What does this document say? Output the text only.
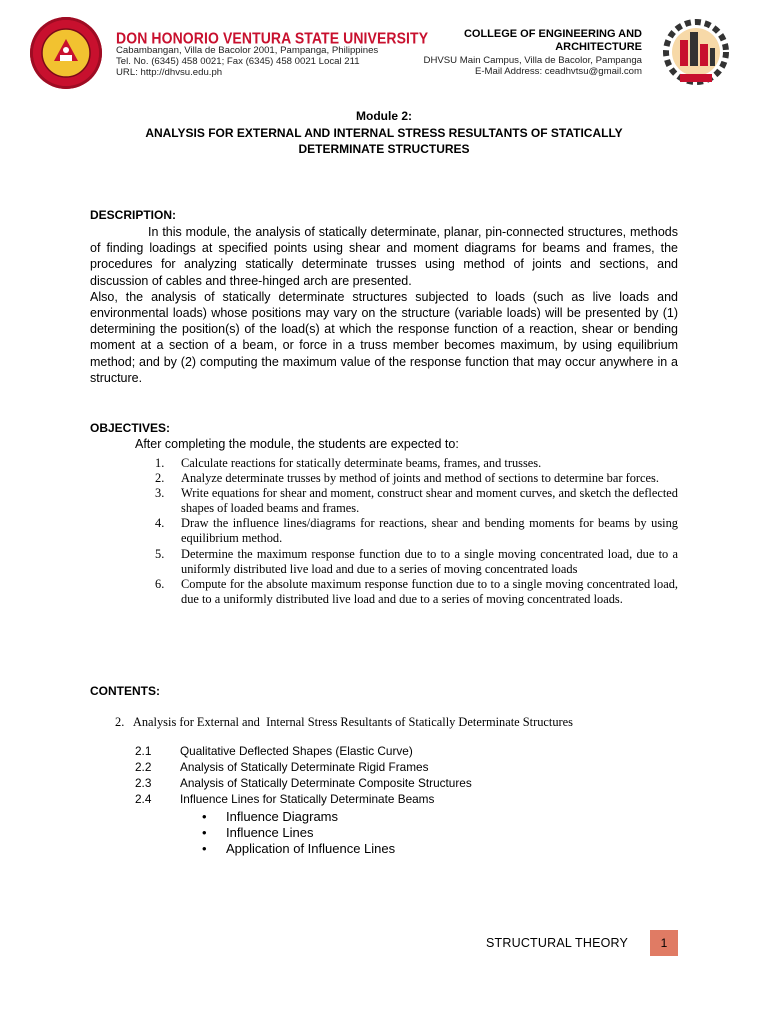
DON HONORIO VENTURA STATE UNIVERSITY
Cabambangan, Villa de Bacolor 2001, Pampanga, Philippines
Tel. No. (6345) 458 0021; Fax (6345) 458 0021 Local 211
URL: http://dhvsu.edu.ph
COLLEGE OF ENGINEERING AND
ARCHITECTURE
DHVSU Main Campus, Villa de Bacolor, Pampanga
E-Mail Address: ceadhvtsu@gmail.com
Module 2:
ANALYSIS FOR EXTERNAL AND INTERNAL STRESS RESULTANTS OF STATICALLY
DETERMINATE STRUCTURES
DESCRIPTION:

In this module, the analysis of statically determinate, planar, pin-connected structures, methods of finding loadings at specified points using shear and moment diagrams for beams and frames, the procedures for analyzing statically determinate trusses using method of joints and sections, and discussion of cables and three-hinged arch are presented.

Also, the analysis of statically determinate structures subjected to loads (such as live loads and environmental loads) whose positions may vary on the structure (variable loads) will be presented by (1) determining the position(s) of the load(s) at which the response function of a reaction, shear or bending moment at a section of a beam, or force in a truss member becomes maximum, by using equilibrium method; and by (2) computing the maximum value of the response function that may occur anywhere in a structure.

OBJECTIVES:
After completing the module, the students are expected to:
1.	Calculate reactions for statically determinate beams, frames, and trusses.
2.	Analyze determinate trusses by method of joints and method of sections to determine bar forces.
3.	Write equations for shear and moment, construct shear and moment curves, and sketch the deflected shapes of loaded beams and frames.
4.	Draw the influence lines/diagrams for reactions, shear and bending moments for beams by using equilibrium method.
5.	Determine the maximum response function due to to a single moving concentrated load, due to a uniformly distributed live load and due to a series of moving concentrated loads
6.	Compute for the absolute maximum response function due to to a single moving concentrated load, due to a uniformly distributed live load and due to a series of moving concentrated loads.
CONTENTS:
2.   Analysis for External and  Internal Stress Resultants of Statically Determinate Structures
2.1 Qualitative Deflected Shapes (Elastic Curve)
2.2 Analysis of Statically Determinate Rigid Frames
2.3 Analysis of Statically Determinate Composite Structures
2.4 Influence Lines for Statically Determinate Beams
• Influence Diagrams
• Influence Lines
• Application of Influence Lines
STRUCTURAL THEORY	1
